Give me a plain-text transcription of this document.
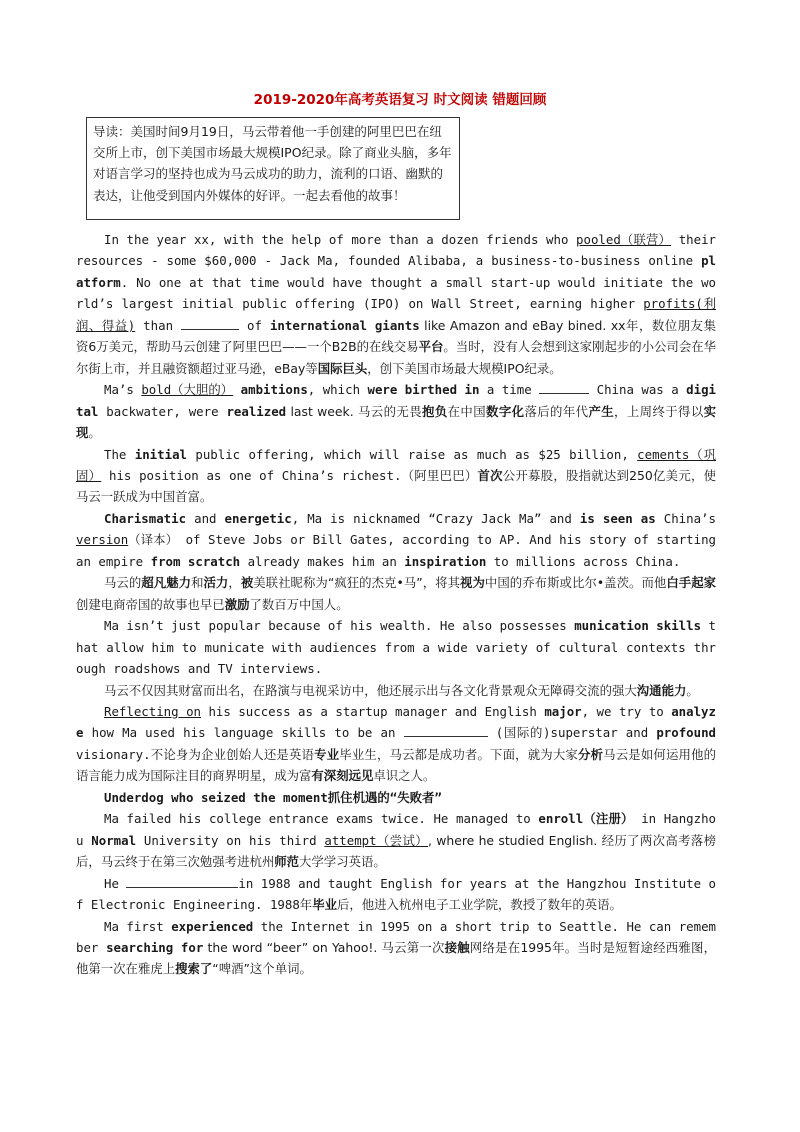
2019-2020年高考英语复习 时文阅读 错题回顾
导读：美国时间9月19日，马云带着他一手创建的阿里巴巴在纽交所上市，创下美国市场最大规模IPO纪录。除了商业头脑，多年对语言学习的坚持也成为马云成功的助力，流利的口语、幽默的表达，让他受到国内外媒体的好评。一起去看他的故事！

In the year xx, with the help of more than a dozen friends who pooled（联营） their resources - some $60,000 - Jack Ma, founded Alibaba, a business-to-business online platform. No one at that time would have thought a small start-up would initiate the world’s largest initial public offering (IPO) on Wall Street, earning higher profits(利润、得益) than	of international giants like Amazon and eBay bined. xx年，数位朋友集资6万美元，帮助马云创建了阿里巴巴——一个B2B的在线交易平台。当时，没有人会想到这家刚起步的小公司会在华尔街上市，并且融资额超过亚马逊，eBay等国际巨头，创下美国市场最大规模IPO纪录。

Ma’s bold（大胆的） ambitions, which were birthed in a time	China was a digital backwater, were realized last week. 马云的无畏抱负在中国数字化落后的年代产生，上周终于得以实现。

The initial public offering, which will raise as much as $25 billion, cements（巩固） his position as one of China’s richest.（阿里巴巴）首次公开募股，股指就达到250亿美元，使马云一跃成为中国首富。

Charismatic and energetic, Ma is nicknamed “Crazy Jack Ma” and is seen as China’s version（译本） of Steve Jobs or Bill Gates, according to AP. And his story of starting an empire from scratch already makes him an inspiration to millions across China.

马云的超凡魅力和活力，被美联社昵称为“疯狂的杰克•马”，将其视为中国的乔布斯或比尔•盖茨。而他白手起家创建电商帝国的故事也早已激励了数百万中国人。

Ma isn’t just popular because of his wealth. He also possesses munication skills that allow him to municate with audiences from a wide variety of cultural contexts through roadshows and TV interviews.

马云不仅因其财富而出名，在路演与电视采访中，他还展示出与各文化背景观众无障碍交流的强大沟通能力。

Reflecting on his success as a startup manager and English major, we try to analyze how Ma used his language skills to be an	(国际的)superstar and profound visionary.不论身为企业创始人还是英语专业毕业生，马云都是成功者。下面，就为大家分析马云是如何运用他的语言能力成为国际注目的商界明星，成为富有深刻远见卓识之人。

Underdog who seized the moment抓住机遇的“失败者”

Ma failed his college entrance exams twice. He managed to enroll（注册） in Hangzhou Normal University on his third attempt（尝试）, where he studied English. 经历了两次高考落榜后，马云终于在第三次勉强考进杭州师范大学学习英语。

He	in 1988 and taught English for years at the Hangzhou Institute of Electronic Engineering. 1988年毕业后，他进入杭州电子工业学院，教授了数年的英语。

Ma first experienced the Internet in 1995 on a short trip to Seattle. He can remember searching for the word “beer” on Yahoo!. 马云第一次接触网络是在1995年。当时是短暂途经西雅图，他第一次在雅虎上搜索了“啤酒”这个单词。
